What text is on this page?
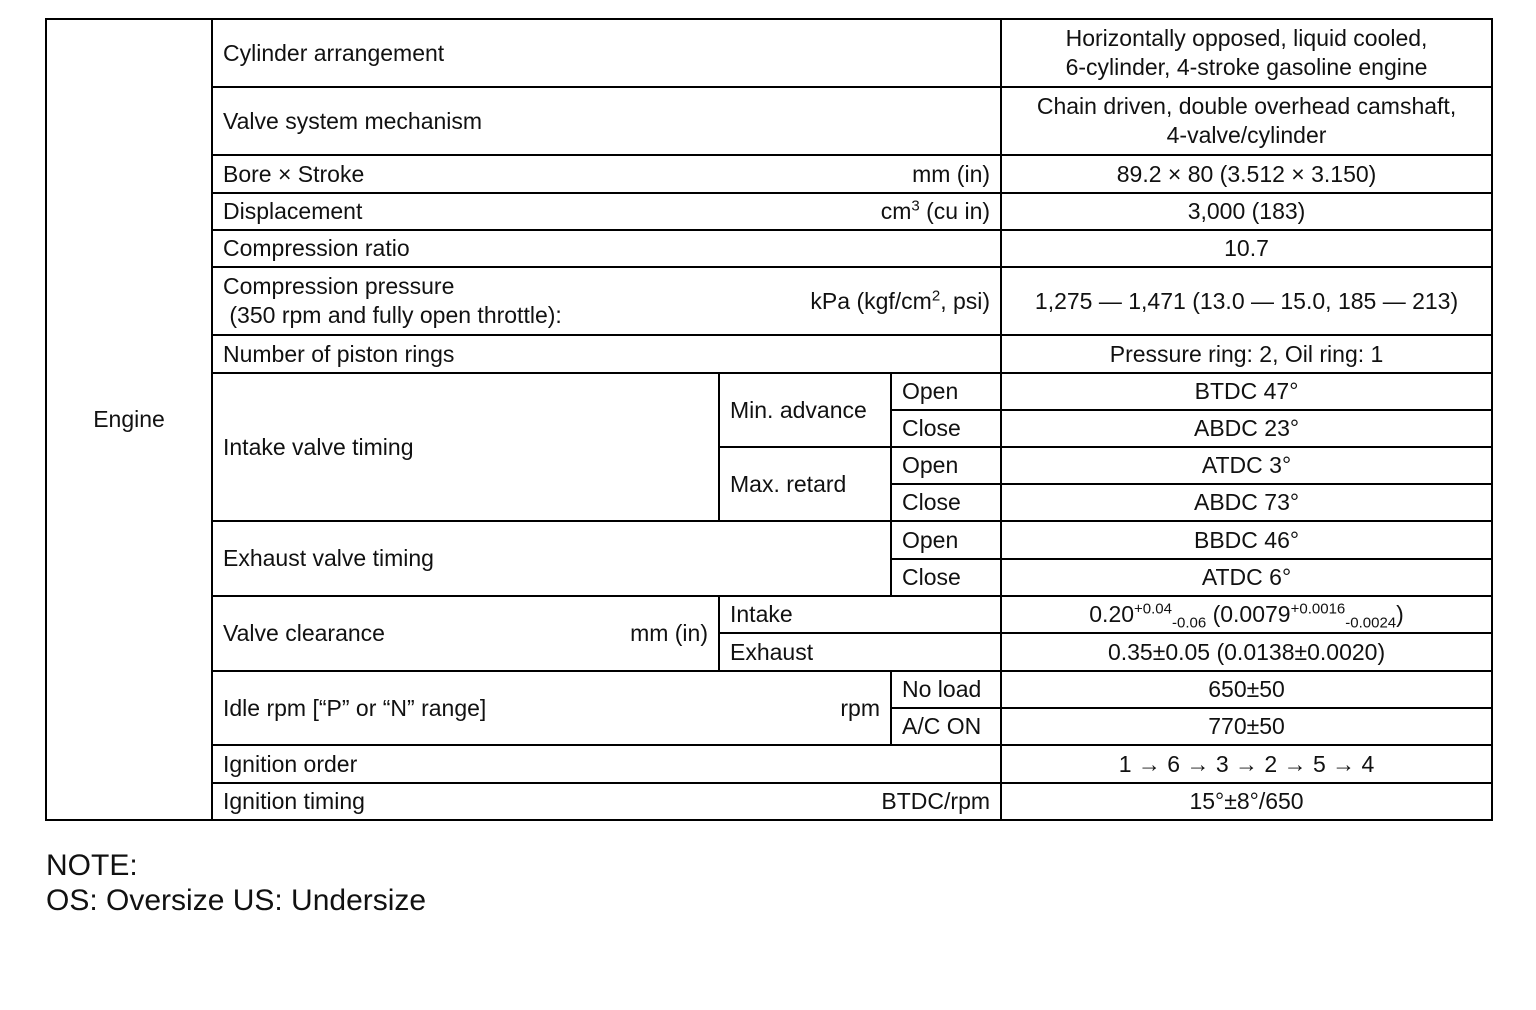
Engine	Cylinder arrangement			Horizontally opposed, liquid cooled,
6-cylinder, 4-stroke gasoline engine
	Valve system mechanism			Chain driven, double overhead camshaft,
4-valve/cylinder

	Bore × Stroke mm (in)			89.2 × 80 (3.512 × 3.150)

	Displacement $cm^3$ (cu in)			3,000 (183)
	Compression ratio			10.7

	Compression pressure
(350 rpm and fully open throttle):
kPa ($kgf/cm^2$, psi)			1,275 — 1,471 (13.0 — 15.0, 185 — 213)
	Number of piston rings			Pressure ring: 2, Oil ring: 1
	Intake valve timing	Min. advance	Open	BTDC 47°
			Close	ABDC 23°
		Max. retard	Open	ATDC 3°
			Close	ABDC 73°
	Exhaust valve timing		Open	BBDC 46°
			Close	ATDC 6°

	Valve clearance mm (in)	Intake		$0.20^{+0.04}_{-0.06}$ $(0.0079^{+0.0016}_{-0.0024})$
		Exhaust		0.35±0.05 (0.0138±0.0020)

	Idle rpm [“P” or “N” range] rpm		No load	650±50
			A/C ON	770±50
	Ignition order			1 → 6 → 3 → 2 → 5 → 4

	Ignition timing BTDC/rpm			15°±8°/650
NOTE:
OS: Oversize US: Undersize
